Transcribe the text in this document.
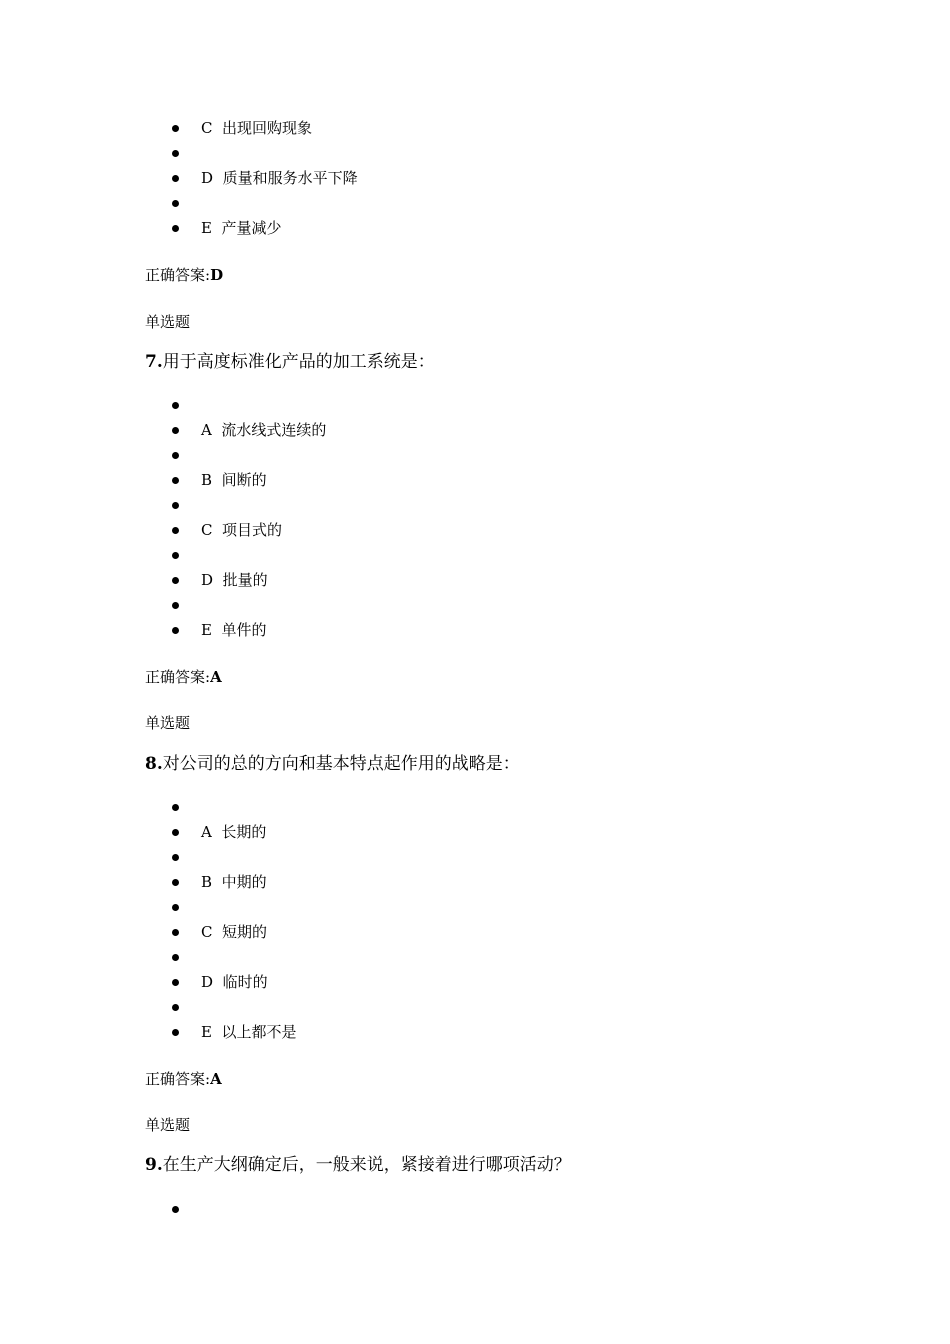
C 出现回购现象
D 质量和服务水平下降
E 产量减少
正确答案:D
单选题
7.用于高度标准化产品的加工系统是：
A 流水线式连续的
B 间断的
C 项目式的
D 批量的
E 单件的
正确答案:A
单选题
8.对公司的总的方向和基本特点起作用的战略是：
A 长期的
B 中期的
C 短期的
D 临时的
E 以上都不是
正确答案:A
单选题
9.在生产大纲确定后，一般来说，紧接着进行哪项活动？
